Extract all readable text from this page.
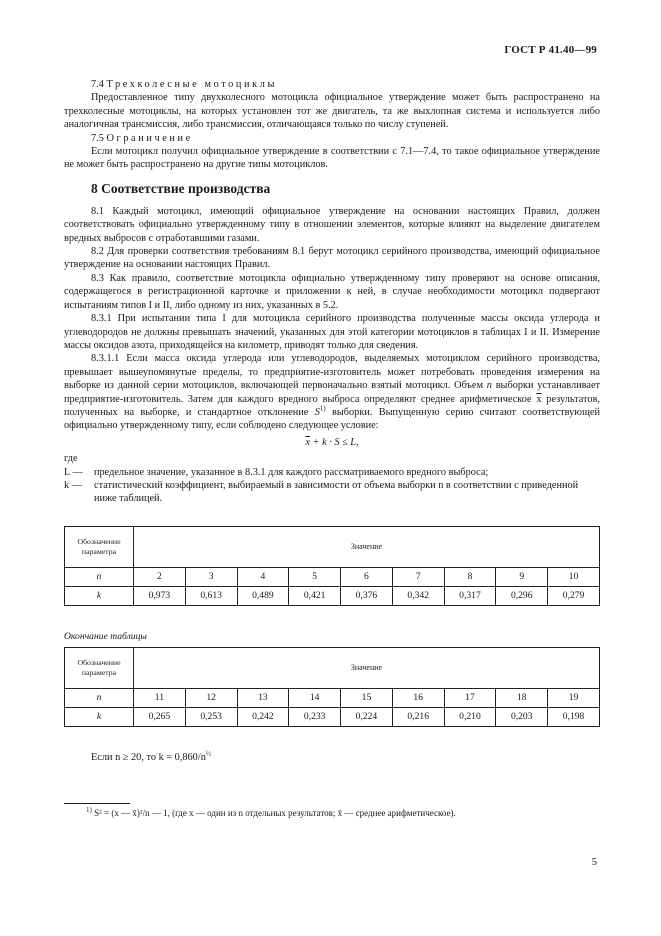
ГОСТ Р 41.40—99

7.4 Трехколесные мотоциклы

Предоставленное типу двухколесного мотоцикла официальное утверждение может быть распространено на трехколесные мотоциклы, на которых установлен тот же двигатель, та же выхлопная система и используется либо аналогичная трансмиссия, либо трансмиссия, отличающаяся только по числу ступеней.

7.5 Ограничение

Если мотоцикл получил официальное утверждение в соответствии с 7.1—7.4, то такое официальное утверждение не может быть распространено на другие типы мотоциклов.

8 Соответствие производства

8.1 Каждый мотоцикл, имеющий официальное утверждение на основании настоящих Правил, должен соответствовать официально утвержденному типу в отношении элементов, которые влияют на выделение двигателем вредных выбросов с отработавшими газами.

8.2 Для проверки соответствия требованиям 8.1 берут мотоцикл серийного производства, имеющий официальное утверждение на основании настоящих Правил.

8.3 Как правило, соответствие мотоцикла официально утвержденному типу проверяют на основе описания, содержащегося в регистрационной карточке и приложении к ней, в случае необходимости мотоцикл подвергают испытаниям типов I и II, либо одному из них, указанных в 5.2.

8.3.1 При испытании типа I для мотоцикла серийного производства полученные массы оксида углерода и углеводородов не должны превышать значений, указанных для этой категории мотоциклов в таблицах I и II. Измерение массы оксидов азота, приходящейся на километр, приводят только для сведения.

8.3.1.1 Если масса оксида углерода или углеводородов, выделяемых мотоциклом серийного производства, превышает вышеупомянутые пределы, то предприятие-изготовитель может потребовать проведения измерения на выборке из данной серии мотоциклов, включающей первоначально взятый мотоцикл. Объем n выборки устанавливает предприятие-изготовитель. Затем для каждого вредного выброса определяют среднее арифметическое $\overline{x}$ результатов, полученных на выборке, и стандартное отклонение $S^{1)}$ выборки. Выпущенную серию считают соответствующей официально утвержденному типу, если соблюдено следующее условие:

$\overline{x} + k \cdot S \le L$,
где
L —	предельное значение, указанное в 8.3.1 для каждого рассматриваемого вредного выброса;
k —	статистический коэффициент, выбираемый в зависимости от объема выборки n в соответствии с приведенной ниже таблицей.
Обозначение параметра	Значение								
n	2	3	4	5	6	7	8	9	10
k	0,973	0,613	0,489	0,421	0,376	0,342	0,317	0,296	0,279

Окончание таблицы

Обозначение параметра	Значение								
n	11	12	13	14	15	16	17	18	19
k	0,265	0,253	0,242	0,233	0,224	0,216	0,210	0,203	0,198

Если n ≥ 20, то $k = 0,860/n^{\frac{1}{2}}$

$^{1)}$ S² = (x — x̄)²/n — 1, (где x — один из n отдельных результатов; x̄ — среднее арифметическое).
5
